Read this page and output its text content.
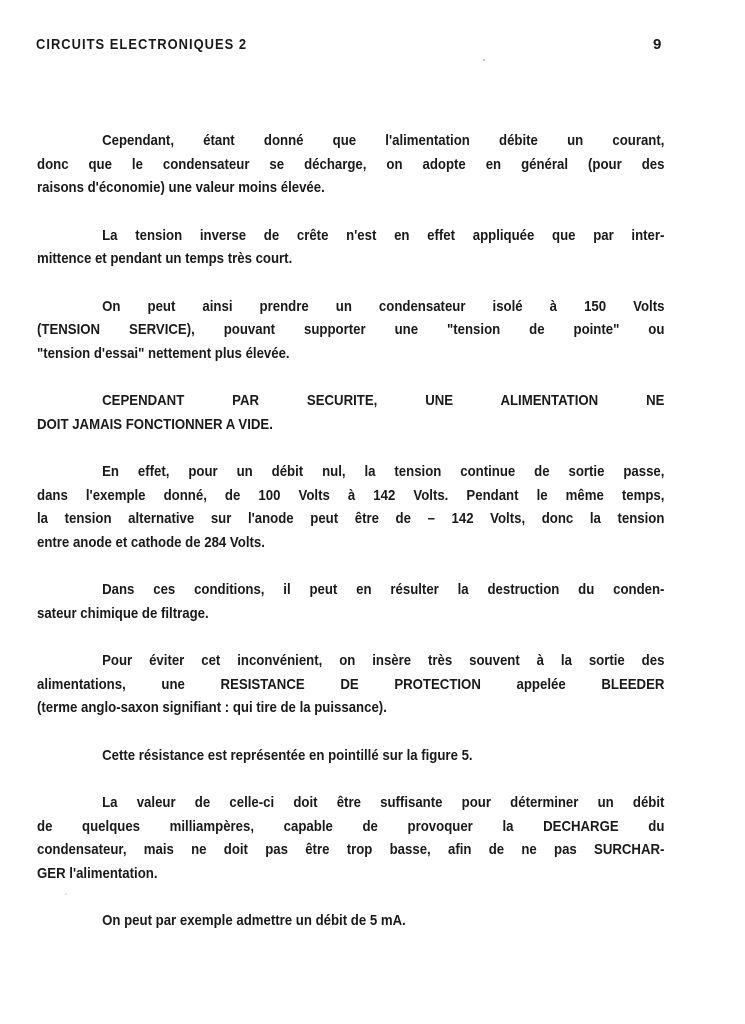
CIRCUITS ELECTRONIQUES 2	9

Cependant, étant donné que l'alimentation débite un courant,
donc que le condensateur se décharge, on adopte en général (pour des
raisons d'économie) une valeur moins élevée.

La tension inverse de crête n'est en effet appliquée que par inter-
mittence et pendant un temps très court.

On peut ainsi prendre un condensateur isolé à 150 Volts
(TENSION SERVICE), pouvant supporter une "tension de pointe" ou
"tension d'essai" nettement plus élevée.

CEPENDANT PAR SECURITE, UNE ALIMENTATION NE
DOIT JAMAIS FONCTIONNER A VIDE.

En effet, pour un débit nul, la tension continue de sortie passe,
dans l'exemple donné, de 100 Volts à 142 Volts. Pendant le même temps,
la tension alternative sur l'anode peut être de – 142 Volts, donc la tension
entre anode et cathode de 284 Volts.

Dans ces conditions, il peut en résulter la destruction du conden-
sateur chimique de filtrage.

Pour éviter cet inconvénient, on insère très souvent à la sortie des
alimentations, une RESISTANCE DE PROTECTION appelée BLEEDER
(terme anglo-saxon signifiant : qui tire de la puissance).

Cette résistance est représentée en pointillé sur la figure 5.

La valeur de celle-ci doit être suffisante pour déterminer un débit
de quelques milliampères, capable de provoquer la DECHARGE du
condensateur, mais ne doit pas être trop basse, afin de ne pas SURCHAR-
GER l'alimentation.

On peut par exemple admettre un débit de 5 mA.
